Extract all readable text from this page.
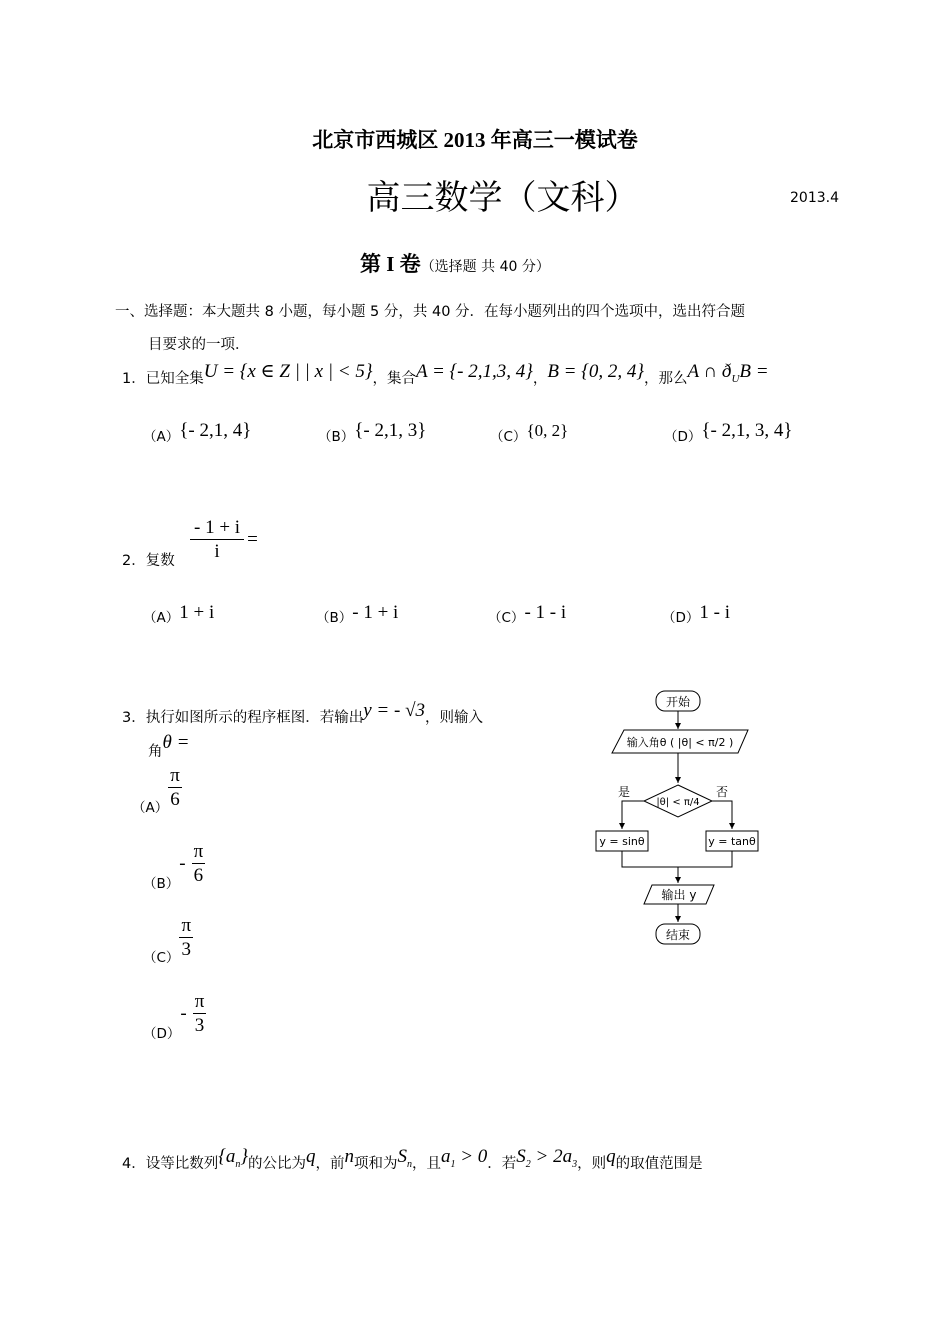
北京市西城区 2013 年高三一模试卷
高三数学（文科）	2013.4
第 I 卷（选择题 共 40 分）
一、选择题：本大题共 8 小题，每小题 5 分，共 40 分．在每小题列出的四个选项中，选出符合题
目要求的一项．
1．已知全集U = {x ∈ Z | | x | < 5}，集合A = {- 2,1,3, 4}，B = {0, 2, 4}，那么A ∩ $ð_UB$ =
（A）{- 2,1, 4}	（B）{- 2,1, 3}	（C）{0, 2}	（D）{- 2,1, 3, 4}
2． 复数 $\frac{- 1 + i}{i}$ =
（A）1 + i	（B）- 1 + i	（C）- 1 - i	（D）1 - i
3．执行如图所示的程序框图．若输出y = - √3，则输入
角θ =
$(A) \frac{\pi}{6}$
（B）
- $\frac{\pi}{6}$
$(C) \frac{\pi}{3}$
（D）
- $\frac{\pi}{3}$
开始
输入角θ ( |θ| < π/2 )
|θ| < π/4
是	否
y = sinθ	y = tanθ
输出 y
结束
4．设等比数列$\{a_n\}$的公比为q，前n项和为$S_n$，且$a_1 > 0$．若$S_2 > 2a_3$，则q的取值范围是
